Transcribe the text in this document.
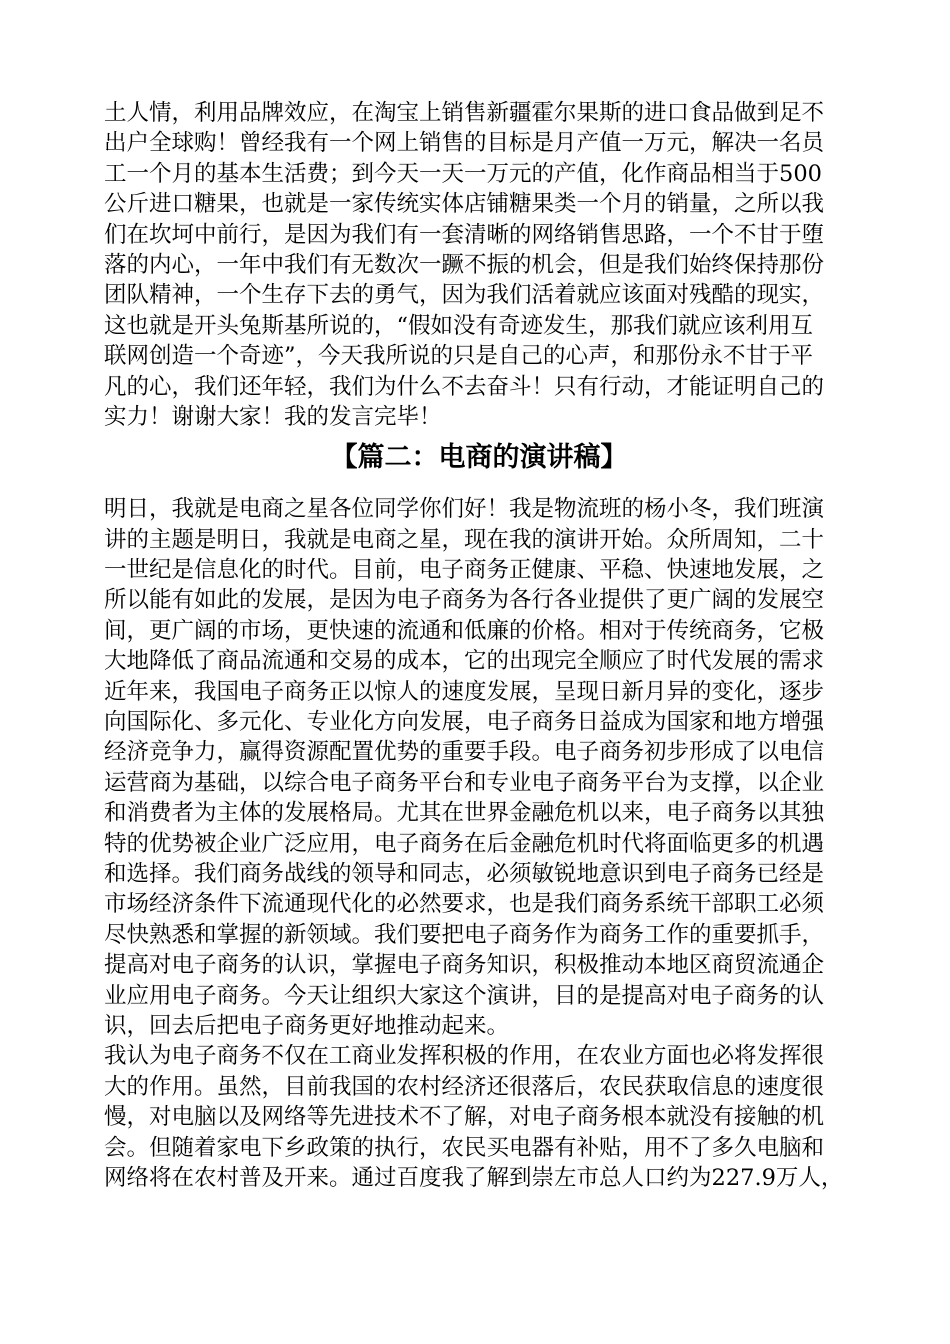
土人情，利用品牌效应，在淘宝上销售新疆霍尔果斯的进口食品做到足不
出户全球购！曾经我有一个网上销售的目标是月产值一万元，解决一名员
工一个月的基本生活费；到今天一天一万元的产值，化作商品相当于500
公斤进口糖果，也就是一家传统实体店铺糖果类一个月的销量，之所以我
们在坎坷中前行，是因为我们有一套清晰的网络销售思路，一个不甘于堕
落的内心，一年中我们有无数次一蹶不振的机会，但是我们始终保持那份
团队精神，一个生存下去的勇气，因为我们活着就应该面对残酷的现实，
这也就是开头兔斯基所说的，“假如没有奇迹发生，那我们就应该利用互
联网创造一个奇迹”，今天我所说的只是自己的心声，和那份永不甘于平
凡的心，我们还年轻，我们为什么不去奋斗！只有行动，才能证明自己的
实力！谢谢大家！我的发言完毕！
【篇二：电商的演讲稿】
明日，我就是电商之星各位同学你们好！我是物流班的杨小冬，我们班演
讲的主题是明日，我就是电商之星，现在我的演讲开始。众所周知，二十
一世纪是信息化的时代。目前，电子商务正健康、平稳、快速地发展，之
所以能有如此的发展，是因为电子商务为各行各业提供了更广阔的发展空
间，更广阔的市场，更快速的流通和低廉的价格。相对于传统商务，它极
大地降低了商品流通和交易的成本，它的出现完全顺应了时代发展的需求
近年来，我国电子商务正以惊人的速度发展，呈现日新月异的变化，逐步
向国际化、多元化、专业化方向发展，电子商务日益成为国家和地方增强
经济竞争力，赢得资源配置优势的重要手段。电子商务初步形成了以电信
运营商为基础，以综合电子商务平台和专业电子商务平台为支撑，以企业
和消费者为主体的发展格局。尤其在世界金融危机以来，电子商务以其独
特的优势被企业广泛应用，电子商务在后金融危机时代将面临更多的机遇
和选择。我们商务战线的领导和同志，必须敏锐地意识到电子商务已经是
市场经济条件下流通现代化的必然要求，也是我们商务系统干部职工必须
尽快熟悉和掌握的新领域。我们要把电子商务作为商务工作的重要抓手，
提高对电子商务的认识，掌握电子商务知识，积极推动本地区商贸流通企
业应用电子商务。今天让组织大家这个演讲，目的是提高对电子商务的认
识，回去后把电子商务更好地推动起来。
我认为电子商务不仅在工商业发挥积极的作用，在农业方面也必将发挥很
大的作用。虽然，目前我国的农村经济还很落后，农民获取信息的速度很
慢，对电脑以及网络等先进技术不了解，对电子商务根本就没有接触的机
会。但随着家电下乡政策的执行，农民买电器有补贴，用不了多久电脑和
网络将在农村普及开来。通过百度我了解到崇左市总人口约为227.9万人，
